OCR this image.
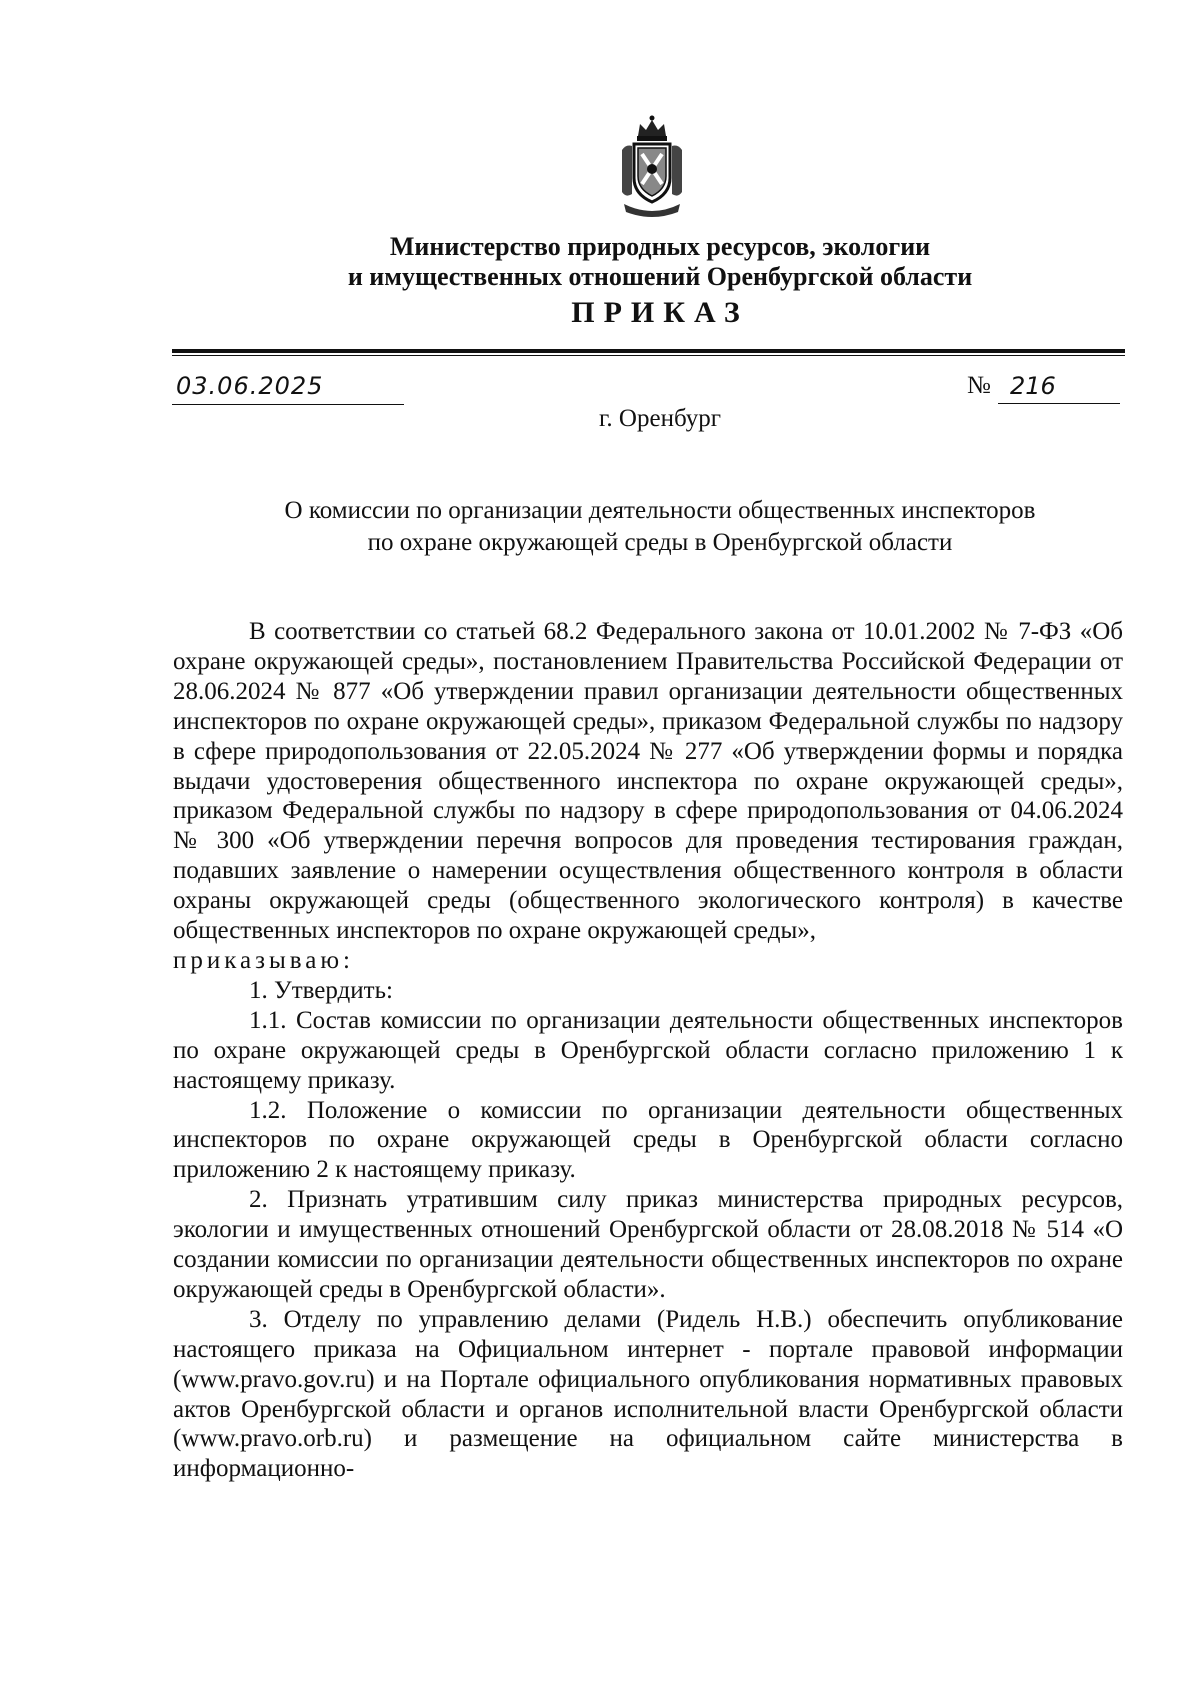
Министерство природных ресурсов, экологии
и имущественных отношений Оренбургской области
ПРИКАЗ
03.06.2025	№ 216
г. Оренбург
О комиссии по организации деятельности общественных инспекторов
по охране окружающей среды в Оренбургской области

В соответствии со статьей 68.2 Федерального закона от 10.01.2002 № 7-ФЗ «Об охране окружающей среды», постановлением Правительства Российской Федерации от 28.06.2024 № 877 «Об утверждении правил организации деятельности общественных инспекторов по охране окружающей среды», приказом Федеральной службы по надзору в сфере природопользования от 22.05.2024 № 277 «Об утверждении формы и порядка выдачи удостоверения общественного инспектора по охране окружающей среды», приказом Федеральной службы по надзору в сфере природопользования от 04.06.2024 № 300 «Об утверждении перечня вопросов для проведения тестирования граждан, подавших заявление о намерении осуществления общественного контроля в области охраны окружающей среды (общественного экологического контроля) в качестве общественных инспекторов по охране окружающей среды»,

приказываю:

1. Утвердить:

1.1. Состав комиссии по организации деятельности общественных инспекторов по охране окружающей среды в Оренбургской области согласно приложению 1 к настоящему приказу.

1.2. Положение о комиссии по организации деятельности общественных инспекторов по охране окружающей среды в Оренбургской области согласно приложению 2 к настоящему приказу.

2. Признать утратившим силу приказ министерства природных ресурсов, экологии и имущественных отношений Оренбургской области от 28.08.2018 № 514 «О создании комиссии по организации деятельности общественных инспекторов по охране окружающей среды в Оренбургской области».

3. Отделу по управлению делами (Ридель Н.В.) обеспечить опубликование настоящего приказа на Официальном интернет - портале правовой информации (www.pravo.gov.ru) и на Портале официального опубликования нормативных правовых актов Оренбургской области и органов исполнительной власти Оренбургской области (www.pravo.orb.ru) и размещение на официальном сайте министерства в информационно-
